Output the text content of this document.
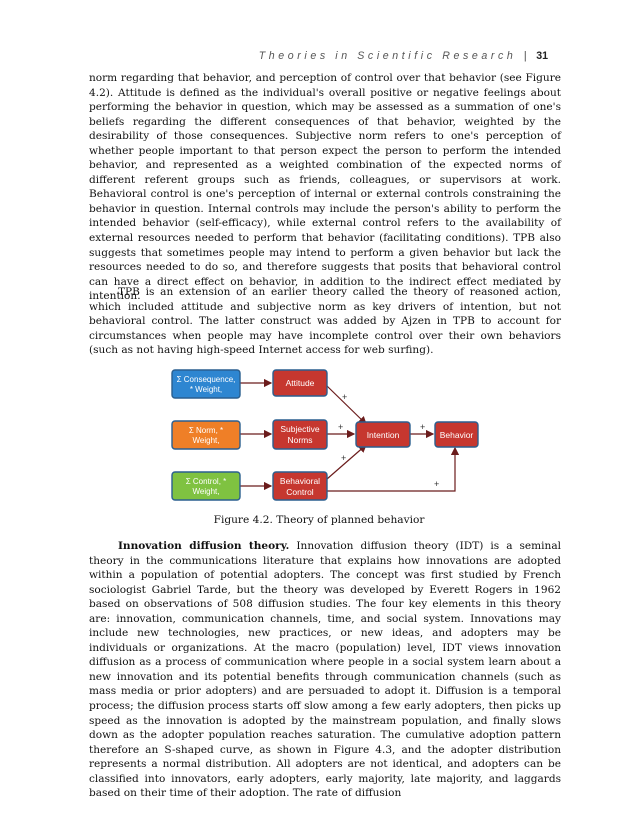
Theories in Scientific Research | 31

norm regarding that behavior, and perception of control over that behavior (see Figure 4.2). Attitude is defined as the individual's overall positive or negative feelings about performing the behavior in question, which may be assessed as a summation of one's beliefs regarding the different consequences of that behavior, weighted by the desirability of those consequences. Subjective norm refers to one's perception of whether people important to that person expect the person to perform the intended behavior, and represented as a weighted combination of the expected norms of different referent groups such as friends, colleagues, or supervisors at work. Behavioral control is one's perception of internal or external controls constraining the behavior in question. Internal controls may include the person's ability to perform the intended behavior (self-efficacy), while external control refers to the availability of external resources needed to perform that behavior (facilitating conditions). TPB also suggests that sometimes people may intend to perform a given behavior but lack the resources needed to do so, and therefore suggests that posits that behavioral control can have a direct effect on behavior, in addition to the indirect effect mediated by intention.

TPB is an extension of an earlier theory called the theory of reasoned action, which included attitude and subjective norm as key drivers of intention, but not behavioral control. The latter construct was added by Ajzen in TPB to account for circumstances when people may have incomplete control over their own behaviors (such as not having high-speed Internet access for web surfing).

+
+
+
+
+
Σ Consequence,
* Weight,
Σ Norm, *
Weight,
Σ Control, *
Weight,
Attitude
Subjective
Norms
Behavioral
Control
Intention	Behavior

Figure 4.2. Theory of planned behavior

Innovation diffusion theory. Innovation diffusion theory (IDT) is a seminal theory in the communications literature that explains how innovations are adopted within a population of potential adopters. The concept was first studied by French sociologist Gabriel Tarde, but the theory was developed by Everett Rogers in 1962 based on observations of 508 diffusion studies. The four key elements in this theory are: innovation, communication channels, time, and social system. Innovations may include new technologies, new practices, or new ideas, and adopters may be individuals or organizations. At the macro (population) level, IDT views innovation diffusion as a process of communication where people in a social system learn about a new innovation and its potential benefits through communication channels (such as mass media or prior adopters) and are persuaded to adopt it. Diffusion is a temporal process; the diffusion process starts off slow among a few early adopters, then picks up speed as the innovation is adopted by the mainstream population, and finally slows down as the adopter population reaches saturation. The cumulative adoption pattern therefore an S-shaped curve, as shown in Figure 4.3, and the adopter distribution represents a normal distribution. All adopters are not identical, and adopters can be classified into innovators, early adopters, early majority, late majority, and laggards based on their time of their adoption. The rate of diffusion
